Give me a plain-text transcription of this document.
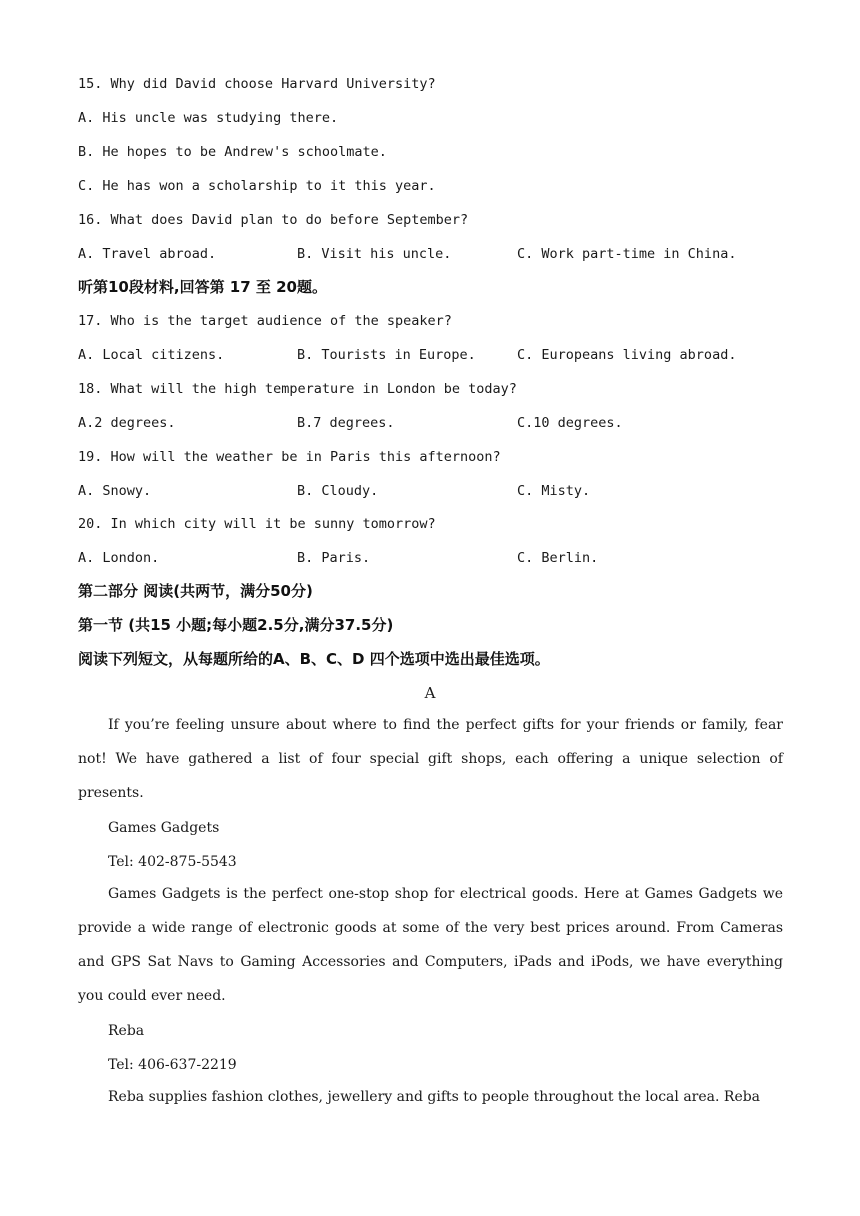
15. Why did David choose Harvard University?
A. His uncle was studying there.
B. He hopes to be Andrew's schoolmate.
C. He has won a scholarship to it this year.
16. What does David plan to do before September?
A. Travel abroad.	B. Visit his uncle.	C. Work part-time in China.
听第10段材料,回答第 17 至 20题。
17. Who is the target audience of the speaker?
A. Local citizens.	B. Tourists in Europe.	C. Europeans living abroad.
18. What will the high temperature in London be today?
A.2 degrees.	B.7 degrees.	C.10 degrees.
19. How will the weather be in Paris this afternoon?
A. Snowy.	B. Cloudy.	C. Misty.
20. In which city will it be sunny tomorrow?
A. London.	B. Paris.	C. Berlin.
第二部分 阅读(共两节，满分50分)
第一节 (共15 小题;每小题2.5分,满分37.5分)
阅读下列短文，从每题所给的A、B、C、D 四个选项中选出最佳选项。
A
If you’re feeling unsure about where to find the perfect gifts for your friends or family, fear not! We have gathered a list of four special gift shops, each offering a unique selection of presents.
Games Gadgets
Tel: 402-875-5543
Games Gadgets is the perfect one-stop shop for electrical goods. Here at Games Gadgets we provide a wide range of electronic goods at some of the very best prices around. From Cameras and GPS Sat Navs to Gaming Accessories and Computers, iPads and iPods, we have everything you could ever need.
Reba
Tel: 406-637-2219
Reba supplies fashion clothes, jewellery and gifts to people throughout the local area. Reba
